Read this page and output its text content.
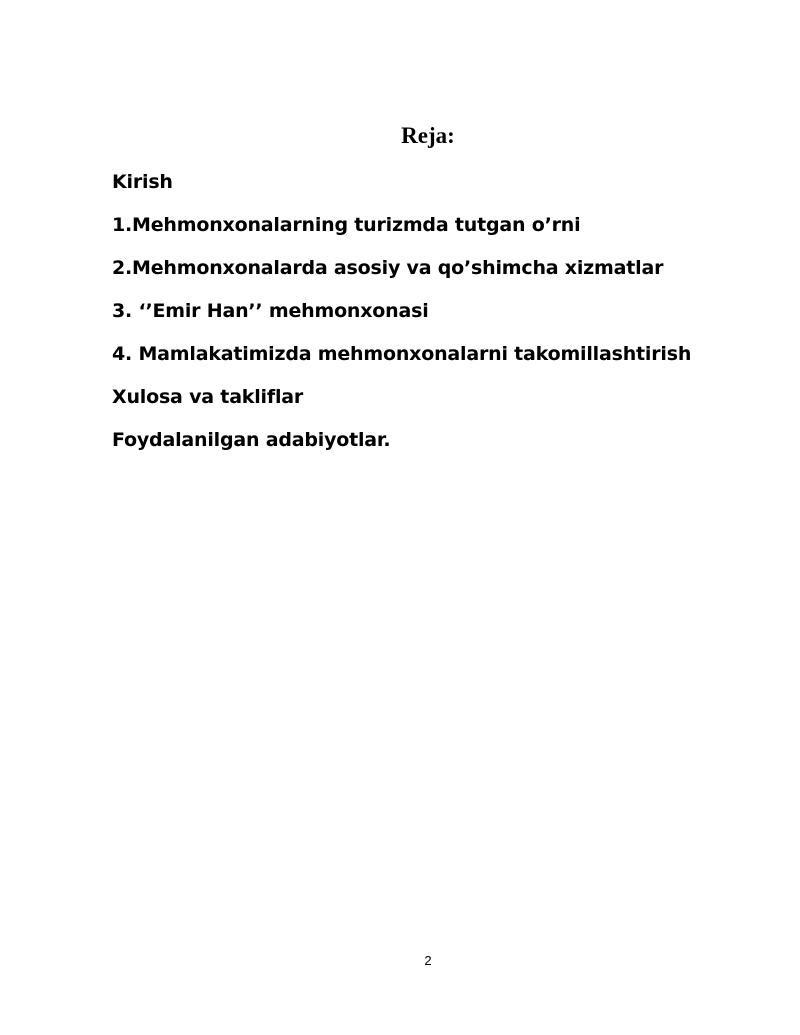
Reja:
Kirish
1.Mehmonxonalarning turizmda tutgan o’rni
2.Mehmonxonalarda asosiy va qo’shimcha xizmatlar
3. ‘’Emir Han’’ mehmonxonasi
4. Mamlakatimizda mehmonxonalarni takomillashtirish
Xulosa va takliflar
Foydalanilgan adabiyotlar.
2
